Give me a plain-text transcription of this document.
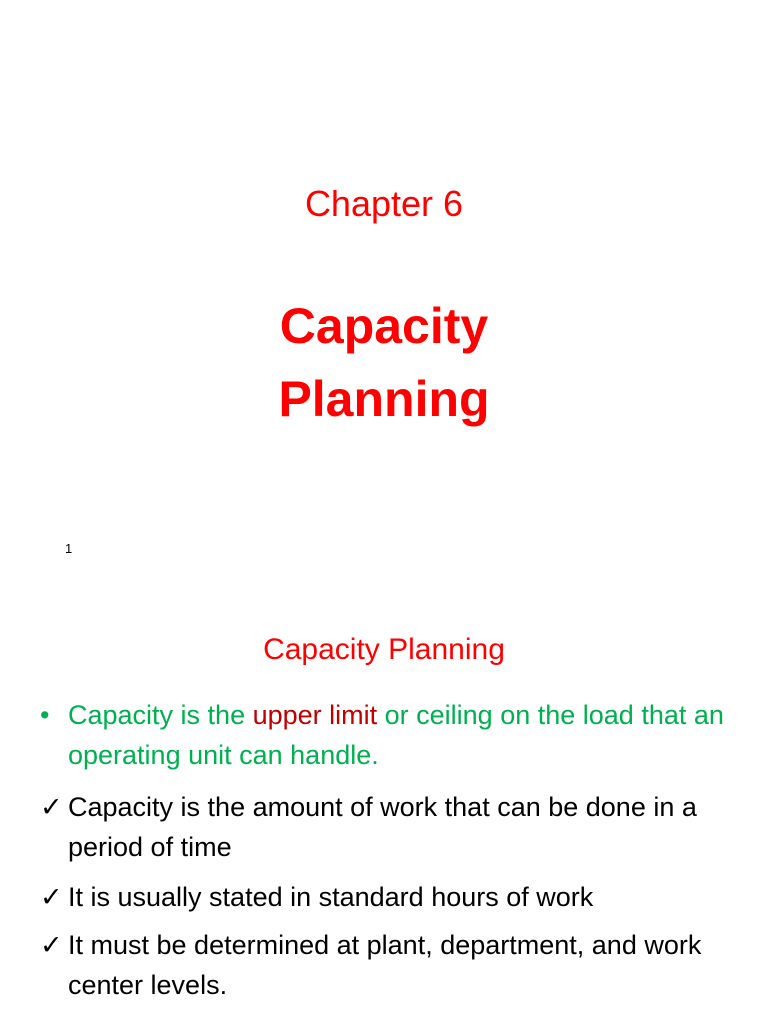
Chapter 6
Capacity
Planning
1
Capacity Planning
• Capacity is the upper limit or ceiling on the load that an operating unit can handle.
✓ Capacity is the amount of work that can be done in a period of time
✓ It is usually stated in standard hours of work
✓ It must be determined at plant, department, and work center levels.
